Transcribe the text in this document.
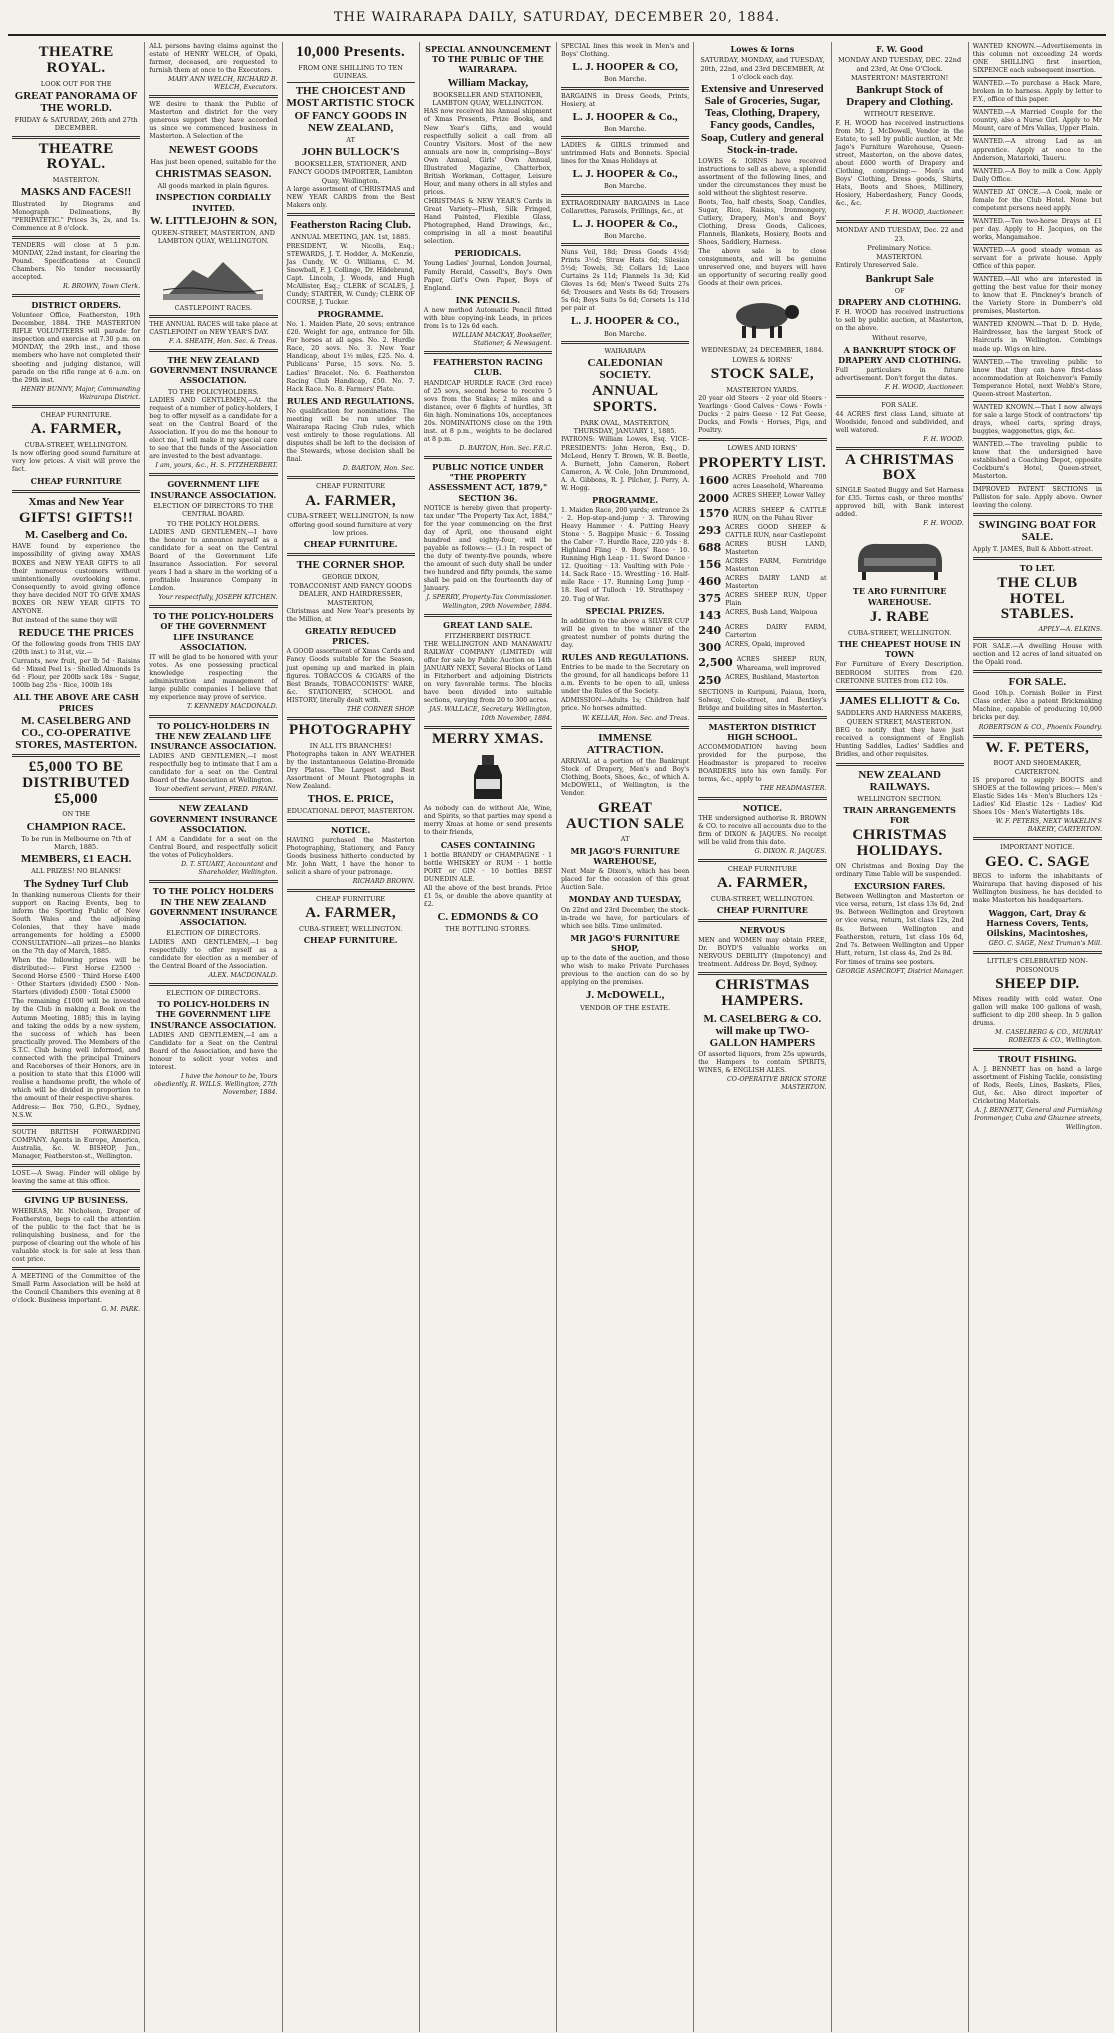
THE WAIRARAPA DAILY, SATURDAY, DECEMBER 20, 1884.
THEATRE ROYAL.
LOOK OUT FOR THE
GREAT PANORAMA OF THE WORLD.
FRIDAY & SATURDAY, 26th and 27th DECEMBER.
THEATRE ROYAL.
MASTERTON.
MASKS AND FACES!!
Illustrated by Diograms and Monograph Delineations, By "PERIPATETIC." Prices 3s, 2s, and 1s. Commence at 8 o'clock.
TENDERS will close at 5 p.m. MONDAY, 22nd instant, for clearing the Pound. Specifications at Council Chambers. No tender necessarily accepted.
R. BROWN, Town Clerk.
DISTRICT ORDERS.
Volunteer Office, Featherston, 19th December, 1884. THE MASTERTON RIFLE VOLUNTEERS will parade for inspection and exercise at 7.30 p.m. on MONDAY, the 29th inst., and those members who have not completed their shooting and judging distance, will parade on the rifle range at 6 a.m. on the 29th inst.
HENRY BUNNY, Major, Commanding Wairarapa District.
CHEAP FURNITURE.
A. FARMER,
CUBA-STREET, WELLINGTON.
Is now offering good sound furniture at very low prices. A visit will prove the fact.
CHEAP FURNITURE
Xmas and New Year
GIFTS! GIFTS!!
M. Caselberg and Co.
HAVE found by experience the impossibility of giving away XMAS BOXES and NEW YEAR GIFTS to all their numerous customers without unintentionally overlooking some. Consequently to avoid giving offence they have decided NOT TO GIVE XMAS BOXES OR NEW YEAR GIFTS TO ANYONE.
But instead of the same they will
REDUCE THE PRICES
Of the following goods from THIS DAY (20th inst.) to 31st, viz.—
Currants, new fruit, per lb 5d · Raisins 6d · Mixed Peel 1s · Shelled Almonds 1s 6d · Flour, per 200lb sack 18s · Sugar, 100lb bag 25s · Rice, 100lb 18s
ALL THE ABOVE ARE CASH PRICES
M. CASELBERG AND CO., CO-OPERATIVE STORES, MASTERTON.
£5,000 TO BE DISTRIBUTED £5,000
ON THE
CHAMPION RACE.
To be run in Melbourne on 7th of March, 1885.
MEMBERS, £1 EACH.
ALL PRIZES! NO BLANKS!
The Sydney Turf Club
In thanking numerous Clients for their support on Racing Events, beg to inform the Sporting Public of New South Wales and the adjoining Colonies, that they have made arrangements for holding a £5000 CONSULTATION—all prizes—no blanks on the 7th day of March, 1885.
When the following prizes will be distributed:— First Horse £2500 · Second Horse £500 · Third Horse £400 · Other Starters (divided) £500 · Non-Starters (divided) £500 · Total £5000
The remaining £1000 will be invested by the Club in making a Book on the Autumn Meeting, 1885; this in laying and taking the odds by a new system, the success of which has been practically proved. The Members of the S.T.C. Club being well informed, and connected with the principal Trainers and Racehorses of their Honors, are in a position to state that this £1000 will realise a handsome profit, the whole of which will be divided in proportion to the amount of their respective shares.
Address:— Box 750, G.P.O., Sydney, N.S.W.
SOUTH BRITISH FORWARDING COMPANY. Agents in Europe, America, Australia, &c. W. BISHOP, Jun., Manager, Featherston-st., Wellington.
LOST.—A Swag. Finder will oblige by leaving the same at this office.
GIVING UP BUSINESS.
WHEREAS, Mr. Nicholson, Draper of Featherston, begs to call the attention of the public to the fact that he is relinquishing business, and for the purpose of clearing out the whole of his valuable stock is for sale at less than cost price.
A MEETING of the Committee of the Small Farm Association will be held at the Council Chambers this evening at 8 o'clock. Business important.
G. M. PARK.
ALL persons having claims against the estate of HENRY WELCH, of Opaki, farmer, deceased, are requested to furnish them at once to the Executors.
MARY ANN WELCH, RICHARD B. WELCH, Executors.
WE desire to thank the Public of Masterton and district for the very generous support they have accorded us since we commenced business in Masterton. A Selection of the
NEWEST GOODS
Has just been opened, suitable for the
CHRISTMAS SEASON.
All goods marked in plain figures.
INSPECTION CORDIALLY INVITED.
W. LITTLEJOHN & SON,
QUEEN-STREET, MASTERTON, AND LAMBTON QUAY, WELLINGTON.
CASTLEPOINT RACES.
THE ANNUAL RACES will take place at CASTLEPOINT on NEW YEAR'S DAY.
F. A. SHEATH, Hon. Sec. & Treas.
THE NEW ZEALAND GOVERNMENT INSURANCE ASSOCIATION.
TO THE POLICYHOLDERS.
LADIES AND GENTLEMEN,—At the request of a number of policy-holders, I beg to offer myself as a candidate for a seat on the Central Board of the Association. If you do me the honour to elect me, I will make it my special care to see that the funds of the Association are invested to the best advantage.
I am, yours, &c., H. S. FITZHERBERT.
GOVERNMENT LIFE INSURANCE ASSOCIATION.
ELECTION OF DIRECTORS TO THE CENTRAL BOARD.
TO THE POLICY HOLDERS.
LADIES AND GENTLEMEN,—I have the honour to announce myself as a candidate for a seat on the Central Board of the Government Life Insurance Association. For several years I had a share in the working of a profitable Insurance Company in London.
Your respectfully, JOSEPH KITCHEN.
TO THE POLICY-HOLDERS OF THE GOVERNMENT LIFE INSURANCE ASSOCIATION.
IT will be glad to be honored with your votes. As one possessing practical knowledge respecting the administration and management of large public companies I believe that my experience may prove of service.
T. KENNEDY MACDONALD.
TO POLICY-HOLDERS IN THE NEW ZEALAND LIFE INSURANCE ASSOCIATION.
LADIES AND GENTLEMEN,—I most respectfully beg to intimate that I am a candidate for a seat on the Central Board of the Association at Wellington.
Your obedient servant, FRED. PIRANI.
NEW ZEALAND GOVERNMENT INSURANCE ASSOCIATION.
I AM a Candidate for a seat on the Central Board, and respectfully solicit the votes of Policyholders.
D. T. STUART, Accountant and Shareholder, Wellington.
TO THE POLICY HOLDERS IN THE NEW ZEALAND GOVERNMENT INSURANCE ASSOCIATION.
ELECTION OF DIRECTORS.
LADIES AND GENTLEMEN,—I beg respectfully to offer myself as a candidate for election as a member of the Central Board of the Association.
ALEX. MACDONALD.
ELECTION OF DIRECTORS.
TO POLICY-HOLDERS IN THE GOVERNMENT LIFE INSURANCE ASSOCIATION.
LADIES AND GENTLEMEN,—I am a Candidate for a Seat on the Central Board of the Association, and have the honour to solicit your votes and interest.
I have the honour to be, Yours obediently, R. WILLS. Wellington, 27th November, 1884.
10,000 Presents.
FROM ONE SHILLING TO TEN GUINEAS.
THE CHOICEST AND MOST ARTISTIC STOCK OF FANCY GOODS IN NEW ZEALAND,
AT
JOHN BULLOCK'S
BOOKSELLER, STATIONER, AND FANCY GOODS IMPORTER, Lambton Quay, Wellington.
A large assortment of CHRISTMAS and NEW YEAR CARDS from the Best Makers only.
Featherston Racing Club.
ANNUAL MEETING, JAN. 1st, 1885.
PRESIDENT, W. Nicolls, Esq.; STEWARDS, J. T. Hodder, A. McKenzie, Jas Cundy, W. O. Williams, C. M. Snowball, F. J. Collinge, Dr. Hildebrand, Capt. Lincoln, J. Woods, and Hugh McAllister, Esq.; CLERK of SCALES, J. Cundy; STARTER, W. Cundy; CLERK OF COURSE, J. Tucker.
PROGRAMME.
No. 1. Maiden Plate, 20 sovs; entrance £20. Weight for age, entrance for 5lb. For horses at all ages. No. 2. Hurdle Race, 20 sovs. No. 3. New Year Handicap, about 1½ miles, £25. No. 4. Publicans' Purse, 15 sovs. No. 5. Ladies' Bracelet. No. 6. Featherston Racing Club Handicap, £50. No. 7. Hack Race. No. 8. Farmers' Plate.
RULES AND REGULATIONS.
No qualification for nominations. The meeting will be run under the Wairarapa Racing Club rules, which vest entirely to those regulations. All disputes shall be left to the decision of the Stewards, whose decision shall be final.
D. BARTON, Hon. Sec.
CHEAP FURNITURE
A. FARMER,
CUBA-STREET, WELLINGTON, Is now offering good sound furniture at very low prices.
CHEAP FURNITURE.
THE CORNER SHOP.
GEORGE DIXON,
TOBACCONIST AND FANCY GOODS DEALER, AND HAIRDRESSER, MASTERTON,
Christmas and New Year's presents by the Million, at
GREATLY REDUCED PRICES.
A GOOD assortment of Xmas Cards and Fancy Goods suitable for the Season, just opening up and marked in plain figures. TOBACCOS & CIGARS of the Best Brands, TOBACCONISTS' WARE, &c. STATIONERY, SCHOOL and HISTORY, literally dealt with.
THE CORNER SHOP.
PHOTOGRAPHY
IN ALL ITS BRANCHES!
Photographs taken in ANY WEATHER by the instantaneous Gelatine-Bromide Dry Plates. The Largest and Best Assortment of Mount Photographs in New Zealand.
THOS. E. PRICE,
EDUCATIONAL DEPOT, MASTERTON.
NOTICE.
HAVING purchased the Masterton Photographing, Stationery, and Fancy Goods business hitherto conducted by Mr. John Watt, I have the honor to solicit a share of your patronage.
RICHARD BROWN.
CHEAP FURNITURE
A. FARMER,
CUBA-STREET, WELLINGTON.
CHEAP FURNITURE.
SPECIAL ANNOUNCEMENT TO THE PUBLIC OF THE WAIRARAPA.
William Mackay,
BOOKSELLER AND STATIONER, LAMBTON QUAY, WELLINGTON.
HAS now received his Annual shipment of Xmas Presents, Prize Books, and New Year's Gifts, and would respectfully solicit a call from all Country Visitors. Most of the new annuals are now in, comprising—Boys' Own Annual, Girls' Own Annual, Illustrated Magazine, Chatterbox, British Workman, Cottager, Leisure Hour, and many others in all styles and prices.
CHRISTMAS & NEW YEAR'S Cards in Great Variety—Plush, Silk Fringed, Hand Painted, Flexible Glass, Photographed, Hand Drawings, &c., comprising in all a most beautiful selection.
PERIODICALS.
Young Ladies' Journal, London Journal, Family Herald, Cassell's, Boy's Own Paper, Girl's Own Paper, Boys of England.
INK PENCILS.
A new method Automatic Pencil fitted with blue copying-ink Leads, in prices from 1s to 12s 6d each.
WILLIAM MACKAY, Bookseller, Stationer, & Newsagent.
FEATHERSTON RACING CLUB.
HANDICAP HURDLE RACE (3rd race) of 25 sovs, second horse to receive 5 sovs from the Stakes; 2 miles and a distance, over 6 flights of hurdles, 3ft 6in high. Nominations 10s, acceptances 20s. NOMINATIONS close on the 19th inst. at 8 p.m., weights to be declared at 8 p.m.
D. BARTON, Hon. Sec. F.R.C.
PUBLIC NOTICE UNDER "THE PROPERTY ASSESSMENT ACT, 1879," SECTION 36.
NOTICE is hereby given that property-tax under "The Property Tax Act, 1884," for the year commencing on the first day of April, one thousand eight hundred and eighty-four, will be payable as follows:— (1.) In respect of the duty of twenty-five pounds, where the amount of such duty shall be under two hundred and fifty pounds, the same shall be paid on the fourteenth day of January.
J. SPERRY, Property-Tax Commissioner. Wellington, 29th November, 1884.
GREAT LAND SALE.
FITZHERBERT DISTRICT.
THE WELLINGTON AND MANAWATU RAILWAY COMPANY (LIMITED) will offer for sale by Public Auction on 14th JANUARY NEXT, Several Blocks of Land in Fitzherbert and adjoining Districts on very favorable terms. The blocks have been divided into suitable sections, varying from 20 to 300 acres.
JAS. WALLACE, Secretary. Wellington, 10th November, 1884.
MERRY XMAS.
As nobody can do without Ale, Wine, and Spirits, so that parties may spend a merry Xmas at home or send presents to their friends,
CASES CONTAINING
1 bottle BRANDY or CHAMPAGNE · 1 bottle WHISKEY or RUM · 1 bottle PORT or GIN · 10 bottles BEST DUNEDIN ALE.
All the above of the best brands. Price £1 5s, or double the above quantity at £2.
C. EDMONDS & CO
THE BOTTLING STORES.
SPECIAL lines this week in Men's and Boys' Clothing.
L. J. HOOPER & CO,
Bon Marche.
BARGAINS in Dress Goods, Prints, Hosiery, at
L. J. HOOPER & Co.,
Bon Marche.
LADIES & GIRLS trimmed and untrimmed Hats and Bonnets. Special lines for the Xmas Holidays at
L. J. HOOPER & Co.,
Bon Marche.
EXTRAORDINARY BARGAINS in Lace Collarettes, Parasols, Frillings, &c., at
L. J. HOOPER & Co.,
Bon Marche.
Nuns Veil, 18d; Dress Goods 4½d; Prints 3½d; Straw Hats 6d; Silesian 5½d; Towels, 3d; Collars 1d; Lace Curtains 2s 11d; Flannels 1s 3d; Kid Gloves 1s 6d; Men's Tweed Suits 27s 6d; Trousers and Vests 8s 6d; Trousers 5s 6d; Boys Suits 5s 6d; Corsets 1s 11d per pair at
L. J. HOOPER & CO.,
Bon Marche.
WAIRARAPA
CALEDONIAN SOCIETY.
ANNUAL SPORTS.
PARK OVAL, MASTERTON, THURSDAY, JANUARY 1, 1885.
PATRONS: William Lowes, Esq. VICE-PRESIDENTS: John Heron, Esq., D. McLeod, Henry T. Brown, W. B. Beetle, A. Burnett, John Cameron, Robert Cameron, A. W. Cole, John Drummond, A. A. Gibbons, R. J. Pilcher, J. Perry, A. W. Hogg.
PROGRAMME.
1. Maiden Race, 200 yards; entrance 2s · 2. Hop-step-and-jump · 3. Throwing Heavy Hammer · 4. Putting Heavy Stone · 5. Bagpipe Music · 6. Tossing the Caber · 7. Hurdle Race, 220 yds · 8. Highland Fling · 9. Boys' Race · 10. Running High Leap · 11. Sword Dance · 12. Quoiting · 13. Vaulting with Pole · 14. Sack Race · 15. Wrestling · 16. Half-mile Race · 17. Running Long Jump · 18. Reel of Tulloch · 19. Strathspey · 20. Tug of War.
SPECIAL PRIZES.
In addition to the above a SILVER CUP will be given to the winner of the greatest number of points during the day.
RULES AND REGULATIONS.
Entries to be made to the Secretary on the ground, for all handicaps before 11 a.m. Events to be open to all, unless under the Rules of the Society.
ADMISSION—Adults 1s; Children half price. No horses admitted.
W. KELLAR, Hon. Sec. and Treas.
IMMENSE ATTRACTION.
ARRIVAL at a portion of the Bankrupt Stock of Drapery, Men's and Boy's Clothing, Boots, Shoes, &c., of which A. McDOWELL, of Wellington, is the Vendor.
GREAT AUCTION SALE
AT
MR JAGO'S FURNITURE WAREHOUSE,
Next Mair & Dixon's, which has been placed for the occasion of this great Auction Sale.
MONDAY AND TUESDAY,
On 22nd and 23rd December, the stock-in-trade we have, for particulars of which see bills. Time unlimited.
MR JAGO'S FURNITURE SHOP,
up to the date of the auction, and those who wish to make Private Purchases previous to the auction can do so by applying on the premises.
J. McDOWELL,
VENDOR OF THE ESTATE.
Lowes & Iorns
SATURDAY, MONDAY, and TUESDAY, 20th, 22nd, and 23rd DECEMBER, At 1 o'clock each day.
Extensive and Unreserved Sale of Groceries, Sugar, Teas, Clothing, Drapery, Fancy goods, Candles, Soap, Cutlery and general Stock-in-trade.
LOWES & IORNS have received instructions to sell as above, a splendid assortment of the following lines, and under the circumstances they must be sold without the slightest reserve.
Boots, Tea, half chests, Soap, Candles, Sugar, Rice, Raisins, Ironmongery, Cutlery, Drapery, Men's and Boys' Clothing, Dress Goods, Calicoes, Flannels, Blankets, Hosiery, Boots and Shoes, Saddlery, Harness.
The above sale is to close consignments, and will be genuine unreserved one, and buyers will have an opportunity of securing really good Goods at their own prices.
WEDNESDAY, 24 DECEMBER, 1884.
LOWES & IORNS'
STOCK SALE,
MASTERTON YARDS.
20 year old Steers · 2 year old Steers · Yearlings · Good Calves · Cows · Fowls · Ducks · 2 pairs Geese · 12 Fat Geese, Ducks, and Fowls · Horses, Pigs, and Poultry.
LOWES AND IORNS'
PROPERTY LIST.
1600 ACRES Freehold and 700 acres Leasehold, Whareama
2000 ACRES SHEEP, Lower Valley
1570 ACRES SHEEP & CATTLE RUN, on the Pahau River
293 ACRES GOOD SHEEP & CATTLE RUN, near Castlepoint
688 ACRES BUSH LAND, Masterton
156 ACRES FARM, Ferntridge Masterton
460 ACRES DAIRY LAND at Masterton
375 ACRES SHEEP RUN, Upper Plain
143 ACRES, Bush Land, Waipoua
240 ACRES DAIRY FARM, Carterton
300 ACRES, Opaki, improved
2,500 ACRES SHEEP RUN, Whareama, well improved
250 ACRES, Bushland, Masterton
SECTIONS in Kuripuni, Paiaua, Ixora, Solway, Cole-street, and Bentley's Bridge and building sites in Masterton.
MASTERTON DISTRICT HIGH SCHOOL.
ACCOMMODATION having been provided for the purpose, the Headmaster is prepared to receive BOARDERS into his own family. For terms, &c., apply to
THE HEADMASTER.
NOTICE.
THE undersigned authorise R. BROWN & CO. to receive all accounts due to the firm of DIXON & JAQUES. No receipt will be valid from this date.
G. DIXON. R. JAQUES.
CHEAP FURNITURE
A. FARMER,
CUBA-STREET, WELLINGTON.
CHEAP FURNITURE
NERVOUS
MEN and WOMEN may obtain FREE, Dr. BOYD'S valuable works on NERVOUS DEBILITY (Impotency) and treatment. Address Dr. Boyd, Sydney.
CHRISTMAS HAMPERS.
M. CASELBERG & CO. will make up TWO-GALLON HAMPERS
Of assorted liquors, from 25s upwards, the Hampers to contain SPIRITS, WINES, & ENGLISH ALES.
CO-OPERATIVE BRICK STORE MASTERTON.
F. W. Good
MONDAY AND TUESDAY, DEC. 22nd and 23rd, At One O'Clock.
MASTERTON! MASTERTON!
Bankrupt Stock of Drapery and Clothing.
WITHOUT RESERVE.
F. H. WOOD has received instructions from Mr. J. McDowell, Vendor in the Estate, to sell by public auction, at Mr. Jago's Furniture Warehouse, Queen-street, Masterton, on the above dates, about £600 worth of Drapery and Clothing, comprising:— Men's and Boys' Clothing, Dress goods, Shirts, Hats, Boots and Shoes, Millinery, Hosiery, Haberdashery, Fancy Goods, &c., &c.
F. H. WOOD, Auctioneer.
MONDAY AND TUESDAY, Dec. 22 and 23.
Preliminary Notice.
MASTERTON.
Entirely Unreserved Sale.
Bankrupt Sale
OF
DRAPERY AND CLOTHING.
F. H. WOOD has received instructions to sell by public auction, at Masterton, on the above.
Without reserve,
A BANKRUPT STOCK OF DRAPERY AND CLOTHING.
Full particulars in future advertisement. Don't forget the dates.
F. H. WOOD, Auctioneer.
FOR SALE.
44 ACRES first class Land, situate at Woodside, fenced and subdivided, and well watered.
F. H. WOOD.
A CHRISTMAS BOX
SINGLE Seated Buggy and Set Harness for £35. Terms cash, or three months' approved bill, with Bank interest added.
F. H. WOOD.
TE ARO FURNITURE WAREHOUSE.
J. RABE
CUBA-STREET, WELLINGTON.
THE CHEAPEST HOUSE IN TOWN
For Furniture of Every Description. BEDROOM SUITES from £20. CRETONNE SUITES from £12 10s.
JAMES ELLIOTT & Co.
SADDLERS AND HARNESS MAKERS,
QUEEN STREET, MASTERTON.
BEG to notify that they have just received a consignment of English Hunting Saddles, Ladies' Saddles and Bridles, and other requisites.
NEW ZEALAND RAILWAYS.
WELLINGTON SECTION.
TRAIN ARRANGEMENTS FOR
CHRISTMAS HOLIDAYS.
ON Christmas and Boxing Day the ordinary Time Table will be suspended.
EXCURSION FARES.
Between Wellington and Masterton or vice versa, return, 1st class 13s 6d, 2nd 9s. Between Wellington and Greytown or vice versa, return, 1st class 12s, 2nd 8s. Between Wellington and Featherston, return, 1st class 10s 6d, 2nd 7s. Between Wellington and Upper Hutt, return, 1st class 4s, 2nd 2s 8d.
For times of trains see posters.
GEORGE ASHCROFT, District Manager.
WANTED KNOWN.—Advertisements in this column not exceeding 24 words ONE SHILLING first insertion, SIXPENCE each subsequent insertion.
WANTED.—To purchase a Hack Mare, broken in to harness. Apply by letter to F.Y., office of this paper.
WANTED.—A Married Couple for the country, also a Nurse Girl. Apply to Mr Mount, care of Mrs Vallas, Upper Plain.
WANTED.—A strong Lad as an apprentice. Apply at once to the Anderson, Matarioki, Taueru.
WANTED.—A Boy to milk a Cow. Apply Daily Office.
WANTED AT ONCE.—A Cook, male or female for the Club Hotel. None but competent persons need apply.
WANTED.—Ten two-horse Drays at £1 per day. Apply to H. Jacques, on the works, Mangamahoe.
WANTED.—A good steady woman as servant for a private house. Apply Office of this paper.
WANTED.—All who are interested in getting the best value for their money to know that E. Pinckney's branch of the Variety Store in Dumberr's old premises, Masterton.
WANTED KNOWN.—That D. D. Hyde, Hairdresser, has the largest Stock of Haircurls in Wellington. Combings made up. Wigs on hire.
WANTED.—The traveling public to know that they can have first-class accommodation at Reichenvor's Family Temperance Hotel, next Webb's Store, Queen-street Masterton.
WANTED KNOWN.—That I now always for sale a large Stock of contractors' tip drays, wheel carts, spring drays, buggies, waggonettes, gigs, &c.
WANTED.—The traveling public to know that the undersigned have established a Coaching Depot, opposite Cockburn's Hotel, Queen-street, Masterton.
IMPROVED PATENT SECTIONS in Palliston for sale. Apply above. Owner leaving the colony.
SWINGING BOAT FOR SALE.
Apply T. JAMES, Bull & Abbott-street.
TO LET.
THE CLUB HOTEL STABLES.
APPLY—A. ELKINS.
FOR SALE.—A dwelling House with section and 12 acres of land situated on the Opaki road.
FOR SALE.
Good 10h.p. Cornish Boiler in First Class order. Also a patent Brickmaking Machine, capable of producing 10,000 bricks per day.
ROBERTSON & CO., Phoenix Foundry.
W. F. PETERS,
BOOT AND SHOEMAKER, CARTERTON.
IS prepared to supply BOOTS and SHOES at the following prices:— Men's Elastic Sides 14s · Men's Bluchers 12s · Ladies' Kid Elastic 12s · Ladies' Kid Shoes 10s · Men's Watertights 18s.
W. F. PETERS, NEXT WAKELIN'S BAKERY, CARTERTON.
IMPORTANT NOTICE.
GEO. C. SAGE
BEGS to inform the inhabitants of Wairarapa that having disposed of his Wellington business, he has decided to make Masterton his headquarters.
Waggon, Cart, Dray & Harness Covers, Tents, Oilskins, Macintoshes,
GEO. C. SAGE, Next Truman's Mill.
LITTLE'S CELEBRATED NON-POISONOUS
SHEEP DIP.
Mixes readily with cold water. One gallon will make 100 gallons of wash, sufficient to dip 200 sheep. In 5 gallon drums.
M. CASELBERG & CO., MURRAY ROBERTS & CO., Wellington.
TROUT FISHING.
A. J. BENNETT has on hand a large assortment of Fishing Tackle, consisting of Rods, Reels, Lines, Baskets, Flies, Gut, &c. Also direct importer of Cricketing Materials.
A. J. BENNETT, General and Furnishing Ironmonger, Cuba and Ghuznee streets, Wellington.
